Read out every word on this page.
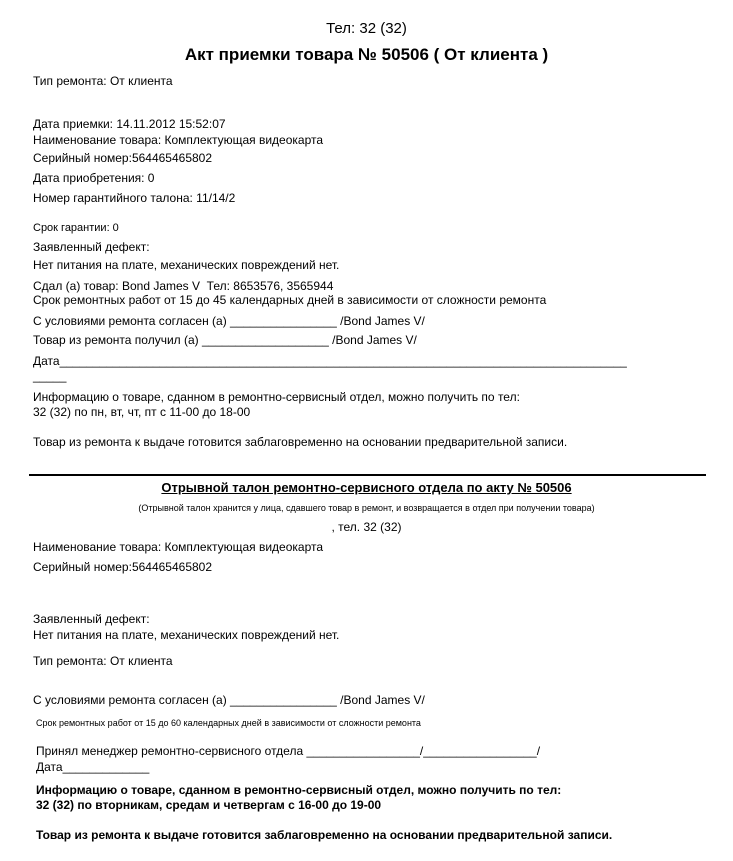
Тел: 32 (32)
Акт приемки товара № 50506 ( От клиента )
Тип ремонта: От клиента
Дата приемки: 14.11.2012 15:52:07
Наименование товара: Комплектующая видеокарта
Серийный номер:564465465802
Дата приобретения: 0
Номер гарантийного талона: 11/14/2
Срок гарантии: 0
Заявленный дефект:
Нет питания на плате, механических повреждений нет.
Сдал (а) товар: Bond James V  Тел: 8653576, 3565944
Срок ремонтных работ от 15 до 45 календарных дней в зависимости от сложности ремонта
С условиями ремонта согласен (а) ________________ /Bond James V/
Товар из ремонта получил (а) ___________________ /Bond James V/
Дата_____________________________________________________________________________________
_____
Информацию о товаре, сданном в ремонтно-сервисный отдел, можно получить по тел:
32 (32) по пн, вт, чт, пт с 11-00 до 18-00
Товар из ремонта к выдаче готовится заблаговременно на основании предварительной записи.
Отрывной талон ремонтно-сервисного отдела по акту № 50506
(Отрывной талон хранится у лица, сдавшего товар в ремонт, и возвращается в отдел при получении товара)
, тел. 32 (32)
Наименование товара: Комплектующая видеокарта
Серийный номер:564465465802
Заявленный дефект:
Нет питания на плате, механических повреждений нет.
Тип ремонта: От клиента
С условиями ремонта согласен (а) ________________ /Bond James V/
Срок ремонтных работ от 15 до 60 календарных дней в зависимости от сложности ремонта
Принял менеджер ремонтно-сервисного отдела _________________/_________________/
Дата_____________
Информацию о товаре, сданном в ремонтно-сервисный отдел, можно получить по тел:
32 (32) по вторникам, средам и четвергам с 16-00 до 19-00
Товар из ремонта к выдаче готовится заблаговременно на основании предварительной записи.
